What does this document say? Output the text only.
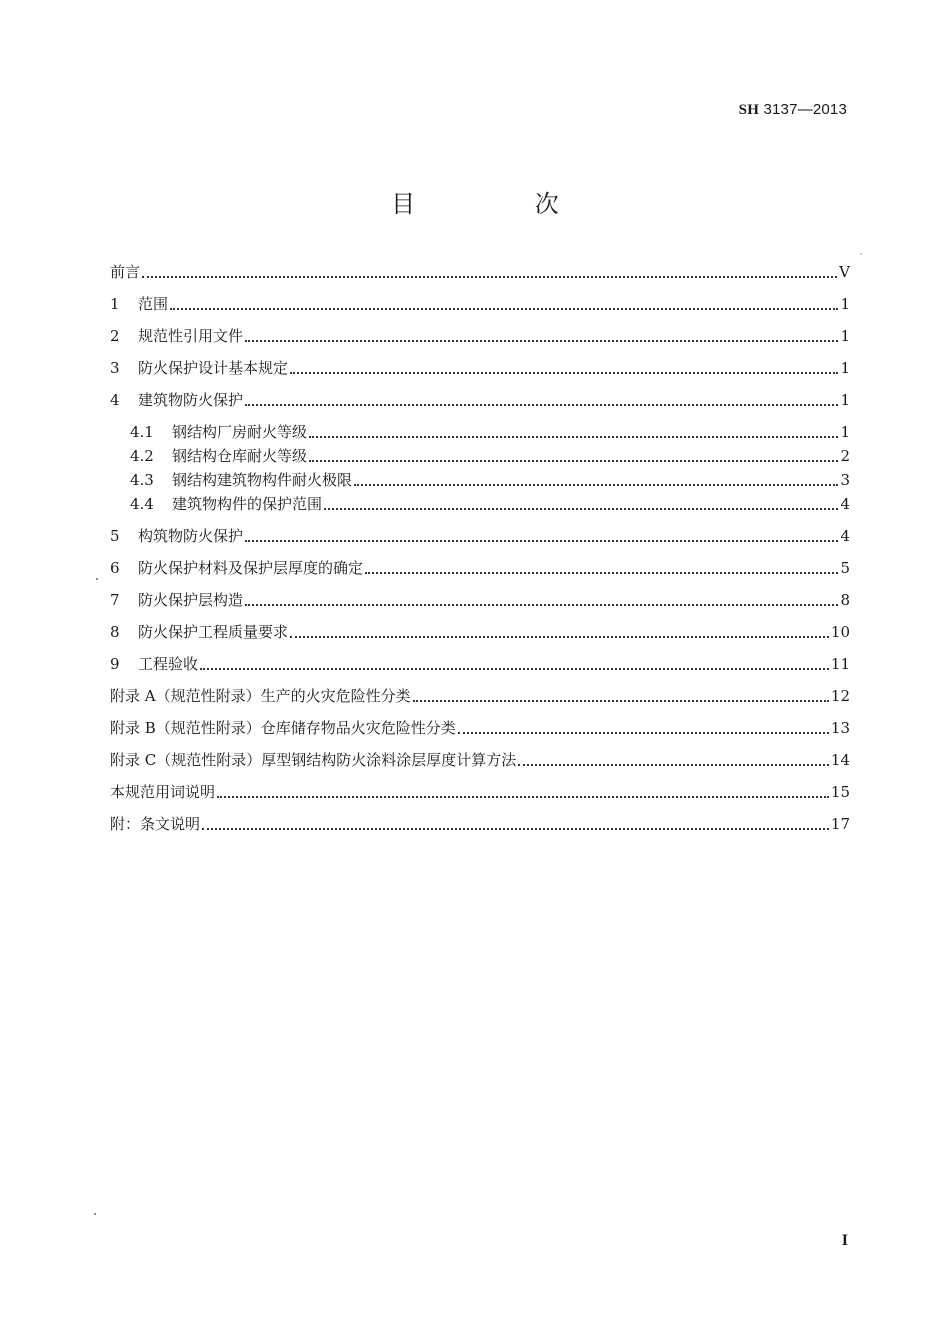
SH 3137—2013
目 次
前言	V
1	范围	1
2	规范性引用文件	1
3	防火保护设计基本规定	1
4	建筑物防火保护	1
4.1	钢结构厂房耐火等级	1
4.2	钢结构仓库耐火等级	2
4.3	钢结构建筑物构件耐火极限	3
4.4	建筑物构件的保护范围	4
5	构筑物防火保护	4
6	防火保护材料及保护层厚度的确定	5
7	防火保护层构造	8
8	防火保护工程质量要求	10
9	工程验收	11
附录 A（规范性附录）生产的火灾危险性分类	12
附录 B（规范性附录）仓库储存物品火灾危险性分类	13
附录 C（规范性附录）厚型钢结构防火涂料涂层厚度计算方法	14
本规范用词说明	15
附：条文说明	17
I
